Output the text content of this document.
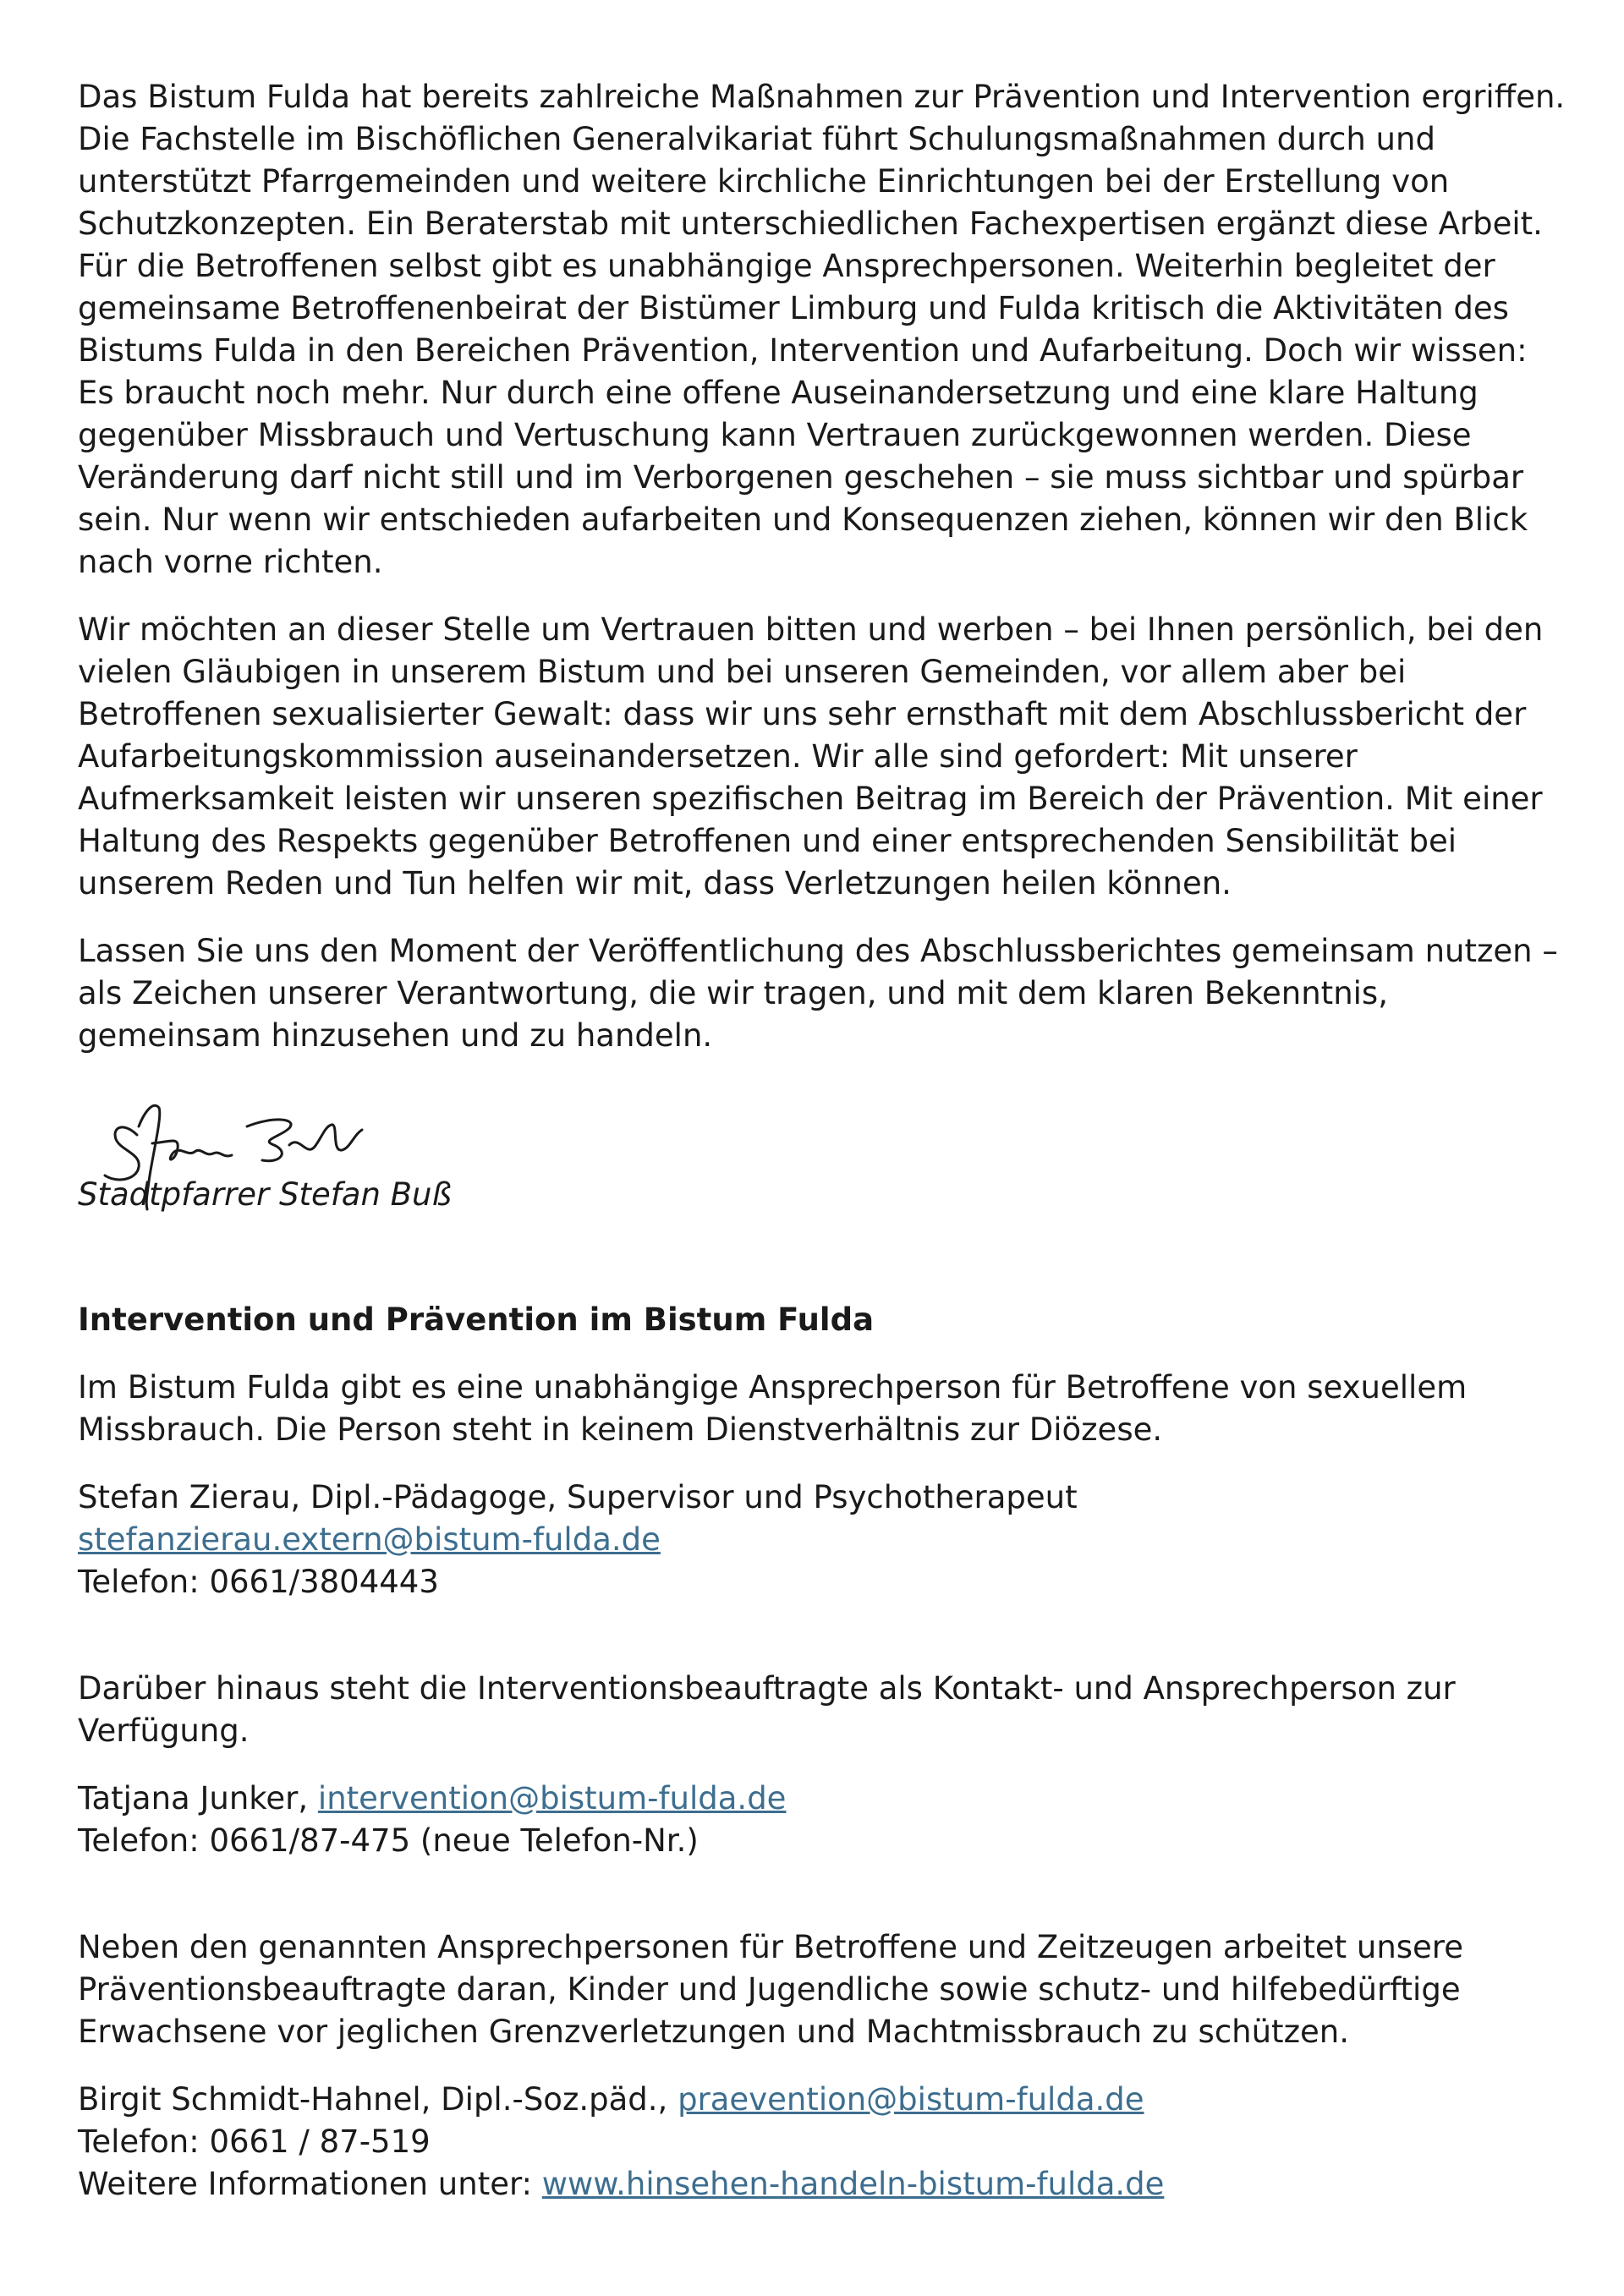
Das Bistum Fulda hat bereits zahlreiche Maßnahmen zur Prävention und Intervention ergriffen. Die Fachstelle im Bischöflichen Generalvikariat führt Schulungsmaßnahmen durch und unterstützt Pfarrgemeinden und weitere kirchliche Einrichtungen bei der Erstellung von Schutzkonzepten. Ein Beraterstab mit unterschiedlichen Fachexpertisen ergänzt diese Arbeit. Für die Betroffenen selbst gibt es unabhängige Ansprechpersonen. Weiterhin begleitet der gemeinsame Betroffenenbeirat der Bistümer Limburg und Fulda kritisch die Aktivitäten des Bistums Fulda in den Bereichen Prävention, Intervention und Aufarbeitung. Doch wir wissen: Es braucht noch mehr. Nur durch eine offene Auseinandersetzung und eine klare Haltung gegenüber Missbrauch und Vertuschung kann Vertrauen zurückgewonnen werden. Diese Veränderung darf nicht still und im Verborgenen geschehen – sie muss sichtbar und spürbar sein. Nur wenn wir entschieden aufarbeiten und Konsequenzen ziehen, können wir den Blick nach vorne richten.

Wir möchten an dieser Stelle um Vertrauen bitten und werben – bei Ihnen persönlich, bei den vielen Gläubigen in unserem Bistum und bei unseren Gemeinden, vor allem aber bei Betroffenen sexualisierter Gewalt: dass wir uns sehr ernsthaft mit dem Abschlussbericht der Aufarbeitungskommission auseinandersetzen. Wir alle sind gefordert: Mit unserer Aufmerksamkeit leisten wir unseren spezifischen Beitrag im Bereich der Prävention. Mit einer Haltung des Respekts gegenüber Betroffenen und einer entsprechenden Sensibilität bei unserem Reden und Tun helfen wir mit, dass Verletzungen heilen können.

Lassen Sie uns den Moment der Veröffentlichung des Abschlussberichtes gemeinsam nutzen – als Zeichen unserer Verantwortung, die wir tragen, und mit dem klaren Bekenntnis, gemeinsam hinzusehen und zu handeln.

Stadtpfarrer Stefan Buß

Intervention und Prävention im Bistum Fulda

Im Bistum Fulda gibt es eine unabhängige Ansprechperson für Betroffene von sexuellem Missbrauch. Die Person steht in keinem Dienstverhältnis zur Diözese.

Stefan Zierau, Dipl.-Pädagoge, Supervisor und Psychotherapeut

stefanzierau.extern@bistum-fulda.de

Telefon: 0661/3804443

Darüber hinaus steht die Interventionsbeauftragte als Kontakt- und Ansprechperson zur Verfügung.

Tatjana Junker, intervention@bistum-fulda.de

Telefon: 0661/87-475 (neue Telefon-Nr.)

Neben den genannten Ansprechpersonen für Betroffene und Zeitzeugen arbeitet unsere Präventionsbeauftragte daran, Kinder und Jugendliche sowie schutz- und hilfebedürftige Erwachsene vor jeglichen Grenzverletzungen und Machtmissbrauch zu schützen.

Birgit Schmidt-Hahnel, Dipl.-Soz.päd., praevention@bistum-fulda.de

Telefon: 0661 / 87-519

Weitere Informationen unter: www.hinsehen-handeln-bistum-fulda.de
